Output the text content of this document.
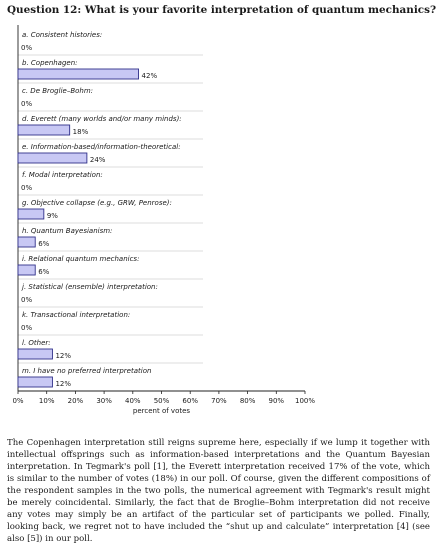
Question 12: What is your favorite interpretation of quantum mechanics?
a. Consistent histories:
0%
b. Copenhagen:
42%
c. De Broglie–Bohm:
0%
d. Everett (many worlds and/or many minds):
18%
e. Information-based/information-theoretical:
24%
f. Modal interpretation:
0%
g. Objective collapse (e.g., GRW, Penrose):
9%
h. Quantum Bayesianism:
6%
i. Relational quantum mechanics:
6%
j. Statistical (ensemble) interpretation:
0%
k. Transactional interpretation:
0%
l. Other:
12%
m. I have no preferred interpretation
12%
0% 10% 20% 30% 40% 50% 60% 70% 80% 90% 100%
percent of votes
The Copenhagen interpretation still reigns supreme here, especially if we lump it together with intellectual offsprings such as information-based interpretations and the Quantum Bayesian interpretation. In Tegmark's poll [1], the Everett interpretation received 17% of the vote, which is similar to the number of votes (18%) in our poll. Of course, given the different compositions of the respondent samples in the two polls, the numerical agreement with Tegmark's result might be merely coincidental. Similarly, the fact that de Broglie–Bohm interpretation did not receive any votes may simply be an artifact of the particular set of participants we polled. Finally, looking back, we regret not to have included the “shut up and calculate” interpretation [4] (see also [5]) in our poll.
